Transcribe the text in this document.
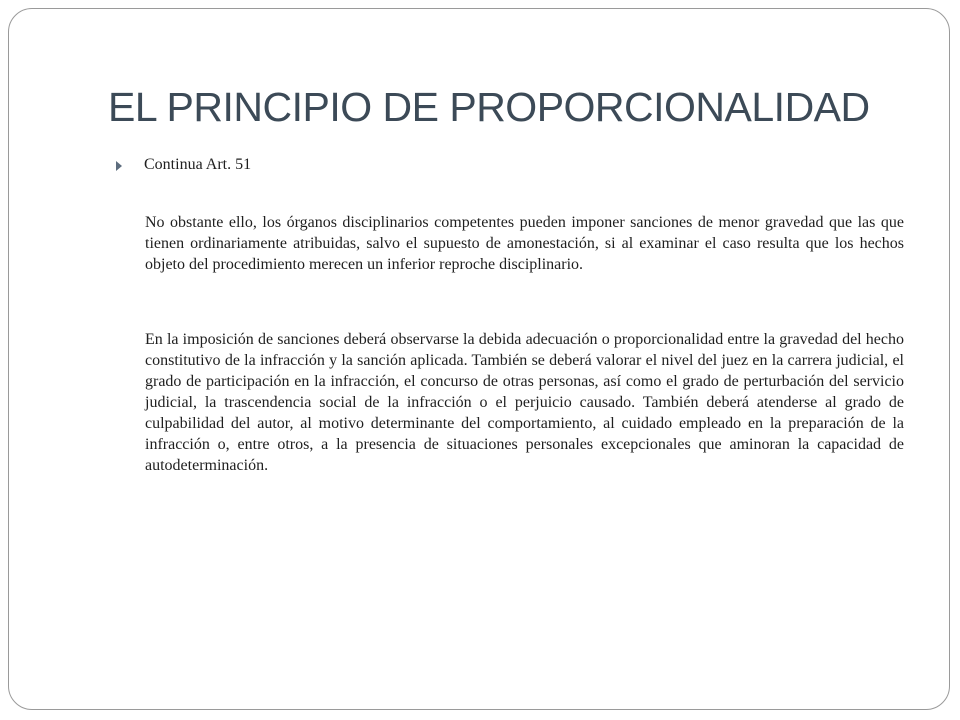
EL PRINCIPIO DE PROPORCIONALIDAD
Continua Art. 51

No obstante ello, los órganos disciplinarios competentes pueden imponer sanciones de menor gravedad que las que tienen ordinariamente atribuidas, salvo el supuesto de amonestación, si al examinar el caso resulta que los hechos objeto del procedimiento merecen un inferior reproche disciplinario.

En la imposición de sanciones deberá observarse la debida adecuación o proporcionalidad entre la gravedad del hecho constitutivo de la infracción y la sanción aplicada. También se deberá valorar el nivel del juez en la carrera judicial, el grado de participación en la infracción, el concurso de otras personas, así como el grado de perturbación del servicio judicial, la trascendencia social de la infracción o el perjuicio causado. También deberá atenderse al grado de culpabilidad del autor, al motivo determinante del comportamiento, al cuidado empleado en la preparación de la infracción o, entre otros, a la presencia de situaciones personales excepcionales que aminoran la capacidad de autodeterminación.
